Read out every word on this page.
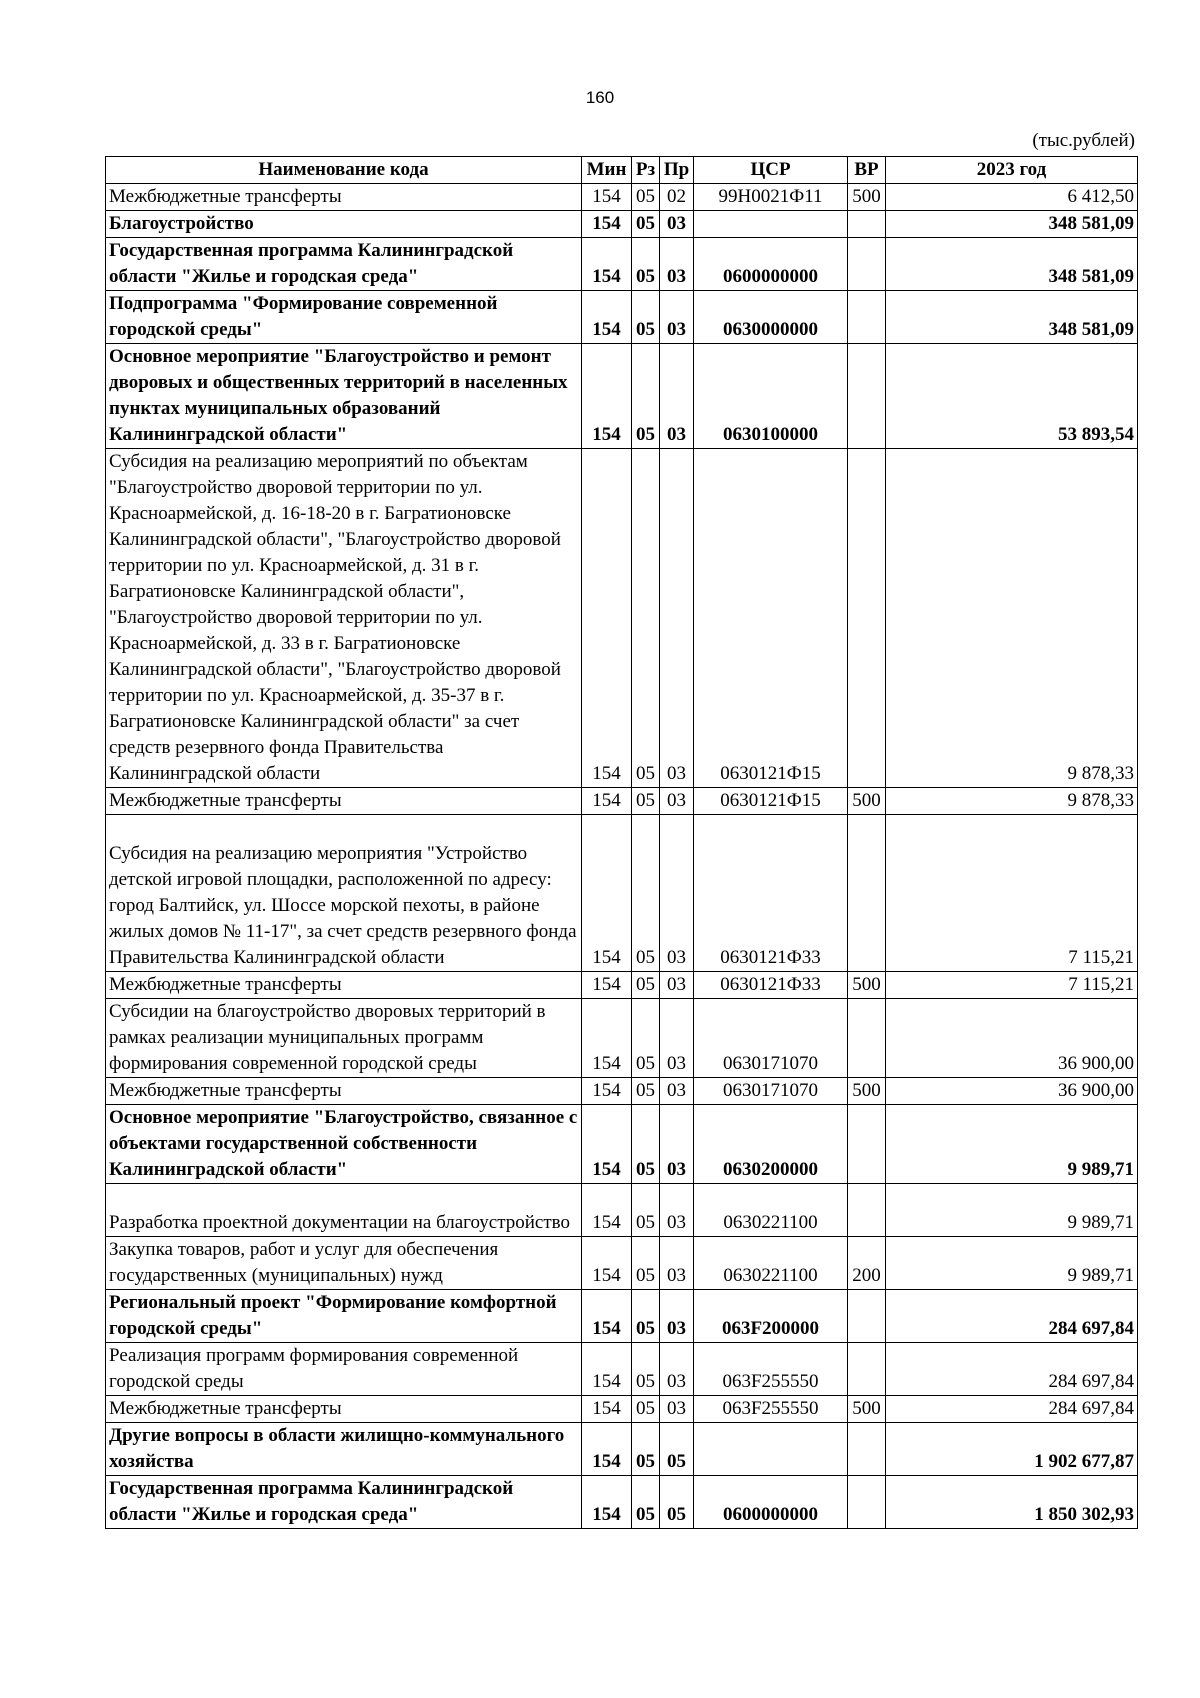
160
(тыс.рублей)
Наименование кода	Мин	Рз	Пр	ЦСР	ВР	2023 год
Межбюджетные трансферты	154	05	02	99Н0021Ф11	500	6 412,50
Благоустройство	154	05	03			348 581,09
Государственная программа Калининградской области "Жилье и городская среда"	154	05	03	0600000000		348 581,09
Подпрограмма "Формирование современной городской среды"	154	05	03	0630000000		348 581,09
Основное мероприятие "Благоустройство и ремонт дворовых и общественных территорий в населенных пунктах муниципальных образований Калининградской области"	154	05	03	0630100000		53 893,54
Субсидия на реализацию мероприятий по объектам "Благоустройство дворовой территории по ул. Красноармейской, д. 16-18-20 в г. Багратионовске Калининградской области", "Благоустройство дворовой территории по ул. Красноармейской, д. 31 в г. Багратионовске Калининградской области", "Благоустройство дворовой территории по ул. Красноармейской, д. 33 в г. Багратионовске Калининградской области", "Благоустройство дворовой территории по ул. Красноармейской, д. 35-37 в г. Багратионовске Калининградской области" за счет средств резервного фонда Правительства Калининградской области	154	05	03	0630121Ф15		9 878,33
Межбюджетные трансферты	154	05	03	0630121Ф15	500	9 878,33
Субсидия на реализацию мероприятия "Устройство детской игровой площадки, расположенной по адресу: город Балтийск, ул. Шоссе морской пехоты, в районе жилых домов № 11-17", за счет средств резервного фонда Правительства Калининградской области	154	05	03	0630121Ф33		7 115,21
Межбюджетные трансферты	154	05	03	0630121Ф33	500	7 115,21
Субсидии на благоустройство дворовых территорий в рамках реализации муниципальных программ формирования современной городской среды	154	05	03	0630171070		36 900,00
Межбюджетные трансферты	154	05	03	0630171070	500	36 900,00
Основное мероприятие "Благоустройство, связанное с объектами государственной собственности Калининградской области"	154	05	03	0630200000		9 989,71
Разработка проектной документации на благоустройство	154	05	03	0630221100		9 989,71
Закупка товаров, работ и услуг для обеспечения государственных (муниципальных) нужд	154	05	03	0630221100	200	9 989,71
Региональный проект "Формирование комфортной городской среды"	154	05	03	063F200000		284 697,84
Реализация программ формирования современной городской среды	154	05	03	063F255550		284 697,84
Межбюджетные трансферты	154	05	03	063F255550	500	284 697,84
Другие вопросы в области жилищно-коммунального хозяйства	154	05	05			1 902 677,87
Государственная программа Калининградской области "Жилье и городская среда"	154	05	05	0600000000		1 850 302,93
